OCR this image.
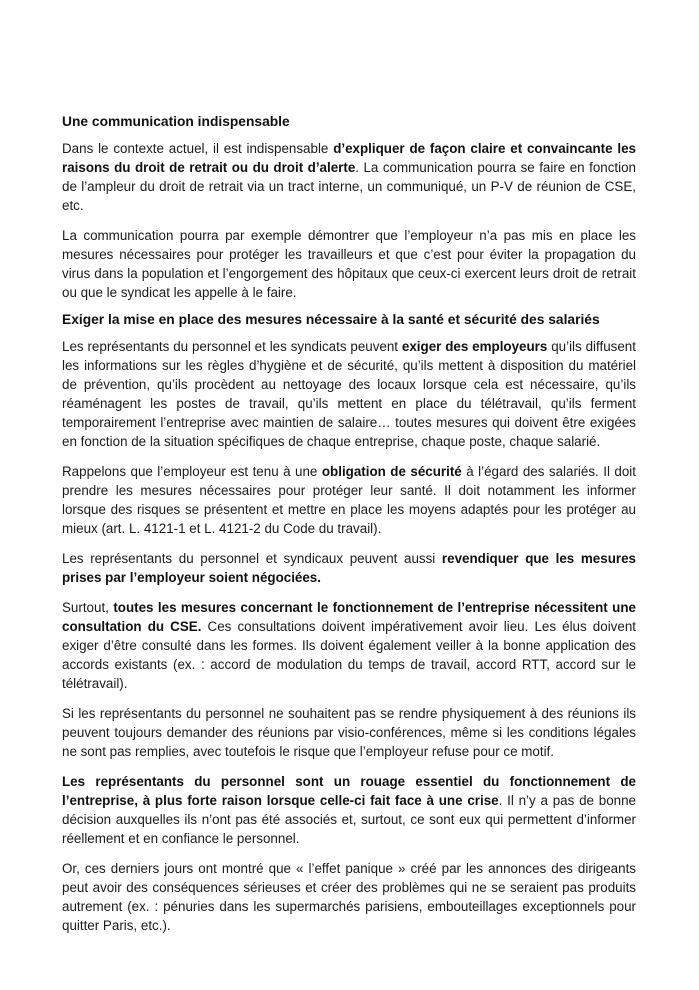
Une communication indispensable

Dans le contexte actuel, il est indispensable d’expliquer de façon claire et convaincante les raisons du droit de retrait ou du droit d’alerte. La communication pourra se faire en fonction de l’ampleur du droit de retrait via un tract interne, un communiqué, un P-V de réunion de CSE, etc.

La communication pourra par exemple démontrer que l’employeur n’a pas mis en place les mesures nécessaires pour protéger les travailleurs et que c’est pour éviter la propagation du virus dans la population et l’engorgement des hôpitaux que ceux-ci exercent leurs droit de retrait ou que le syndicat les appelle à le faire.

Exiger la mise en place des mesures nécessaire à la santé et sécurité des salariés

Les représentants du personnel et les syndicats peuvent exiger des employeurs qu’ils diffusent les informations sur les règles d’hygiène et de sécurité, qu’ils mettent à disposition du matériel de prévention, qu’ils procèdent au nettoyage des locaux lorsque cela est nécessaire, qu’ils réaménagent les postes de travail, qu’ils mettent en place du télétravail, qu’ils ferment temporairement l’entreprise avec maintien de salaire… toutes mesures qui doivent être exigées en fonction de la situation spécifiques de chaque entreprise, chaque poste, chaque salarié.

Rappelons que l’employeur est tenu à une obligation de sécurité à l’égard des salariés. Il doit prendre les mesures nécessaires pour protéger leur santé. Il doit notamment les informer lorsque des risques se présentent et mettre en place les moyens adaptés pour les protéger au mieux (art. L. 4121-1 et L. 4121-2 du Code du travail).

Les représentants du personnel et syndicaux peuvent aussi revendiquer que les mesures prises par l’employeur soient négociées.

Surtout, toutes les mesures concernant le fonctionnement de l’entreprise nécessitent une consultation du CSE. Ces consultations doivent impérativement avoir lieu. Les élus doivent exiger d’être consulté dans les formes. Ils doivent également veiller à la bonne application des accords existants (ex. : accord de modulation du temps de travail, accord RTT, accord sur le télétravail).

Si les représentants du personnel ne souhaitent pas se rendre physiquement à des réunions ils peuvent toujours demander des réunions par visio-conférences, même si les conditions légales ne sont pas remplies, avec toutefois le risque que l’employeur refuse pour ce motif.

Les représentants du personnel sont un rouage essentiel du fonctionnement de l’entreprise, à plus forte raison lorsque celle-ci fait face à une crise. Il n’y a pas de bonne décision auxquelles ils n’ont pas été associés et, surtout, ce sont eux qui permettent d’informer réellement et en confiance le personnel.

Or, ces derniers jours ont montré que « l’effet panique » créé par les annonces des dirigeants peut avoir des conséquences sérieuses et créer des problèmes qui ne se seraient pas produits autrement (ex. : pénuries dans les supermarchés parisiens, embouteillages exceptionnels pour quitter Paris, etc.).
